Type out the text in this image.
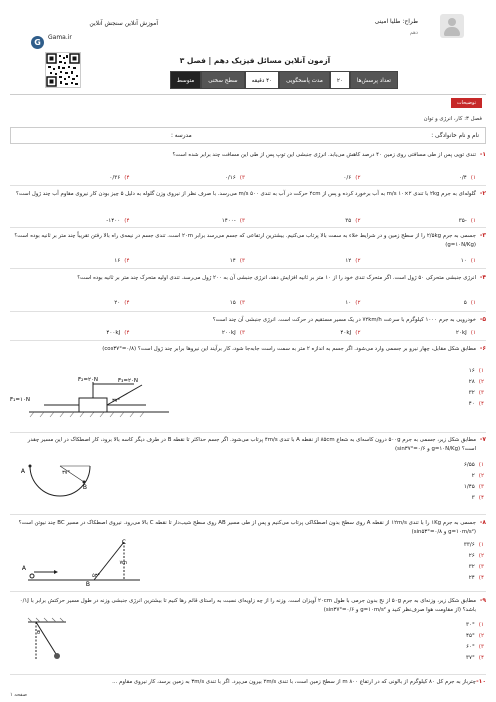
G
آموزش آنلاین سنجش آنلاین
Gama.ir
طراح: طلیا امینی
دهم
آزمون آنلاین مسائل فیزیک دهم | فصل ۳
تعداد پرسش‌ها
۲۰
مدت پاسخگویی
۴۰ دقیقه
سطح سختی
متوسط
توضیحات
فصل ۳: کار، انرژی و توان
نام و نام خانوادگی :
مدرسه :
۱-
تندی توپی پس از طی مسافتی روی زمین ۴۰ درصد کاهش می‌یابد. انرژی جنبشی این توپ پس از طی این مسافت چند برابر شده است؟
۱)۰/۴
۲)۰/۶
۳)۰/۱۶
۴)۰/۳۶
۲-
گلوله‌ای به جرم ۲kg با تندی ۲×۱۰ m/s به آب برخورد کرده و پس از ۴cm حرکت در آب به تندی ۵۰۰ m/s می‌رسد. با صرف نظر از نیروی وزن گلوله به دلیل ۵ چیز بودن کار نیروی مقاوم آب چند ژول است؟
۱)-۳۵
۲)۳۵
۳)-۱۴۰۰
۴)۱۴۰۰-
۳-
جسمی به جرم ۲/۵kg را از سطح زمین و در شرایط خلاء به سمت بالا پرتاب می‌کنیم. بیشترین ارتفاعی که جسم می‌رسد برابر ۲۰m است. تندی جسم در نیمه‌ی راه بالا رفتن تقریباً چند متر بر ثانیه بوده است؟ (g=۱۰N/Kg)
۱)۱۰
۲)۱۲
۳)۱۴
۴)۱۶
۴-
انرژی جنبشی متحرکی ۵۰ ژول است. اگر متحرک تندی خود را از ۱۰ متر بر ثانیه افزایش دهد، انرژی جنبشی آن به ۲۰۰ ژول می‌رسد. تندی اولیه متحرک چند متر بر ثانیه بوده است؟
۱)۵
۲)۱۰
۳)۱۵
۴)۲۰
۵-
خودرویی به جرم ۱۰۰۰ کیلوگرم با سرعت ۷۲km/h در یک مسیر مستقیم در حرکت است. انرژی جنبشی آن چند است؟
۱)۲۰kJ
۲)۴۰kJ
۳)۲۰۰kJ
۴)۴۰۰kJ
۶-
مطابق شکل مقابل، چهار نیرو بر جسمی وارد می‌شود. اگر جسم به اندازه ۲ متر به سمت راست جابه‌جا شود، کار برآیند این نیروها برابر چند ژول است؟ (cos۳۷°=۰/۸)
۱)۱۶
۲)۲۸
۳)۳۲
۴)۴۰
F₃=۲۰N
F₂=۲۰N
F₁=۱۰N	۳۷°
۷-
مطابق شکل زیر، جسمی به جرم ۵۰۰g درون کاسه‌ای به شعاع ۸۵cm از نقطه A با تندی ۴m/s پرتاب می‌شود. اگر جسم حداکثر تا نقطه B در طرف دیگر کاسه بالا برود، کار اصطکاک در این مسیر چقدر است؟ (g=۱۰N/Kg و sin۳۷°=۰/۶)
۱)۶/۵۵
۲)۲
۳)۱/۴۵
۴)۳
A
B
۳۷°
۸-
جسمی به جرم ۱Kg را با تندی ۱۲m/s از نقطه A روی سطح بدون اصطکاکی پرتاب می‌کنیم و پس از طی مسیر AB روی سطح شیب‌دار تا نقطه C بالا می‌رود. نیروی اصطکاک در مسیر BC چند نیوتن است؟ (g=۱۰m/s² و sin۵۳°=۰/۸)
۱)۳۳/۶
۲)۲۶
۳)۳۲
۴)۲۴
A
B
C
۷m
۵۳°
۹-
مطابق شکل زیر، وزنه‌ای به جرم ۵۰g از نخ بدون جرمی با طول ۲۰cm آویزان است. وزنه را از چه زاویه‌ای نسبت به راستای قائم رها کنیم تا بیشترین انرژی جنبشی وزنه در طول مسیر حرکتش برابر با ۰/۱J باشد؟ (از مقاومت هوا صرف‌نظر کنید و g=۱۰m/s² و sin۳۷°=۰/۶)
۱)۳۰°
۲)۴۵°
۳)۶۰°
۴)۳۷°
θ
۱۰-
چترباز به جرم کل ۸۰ کیلوگرم از بالونی که در ارتفاع ۸۰۰ m از سطح زمین است، با تندی ۲m/s بیرون می‌پرد. اگر با تندی ۳m/s به زمین برسد، کار نیروی مقاوم ...
صفحه ۱
